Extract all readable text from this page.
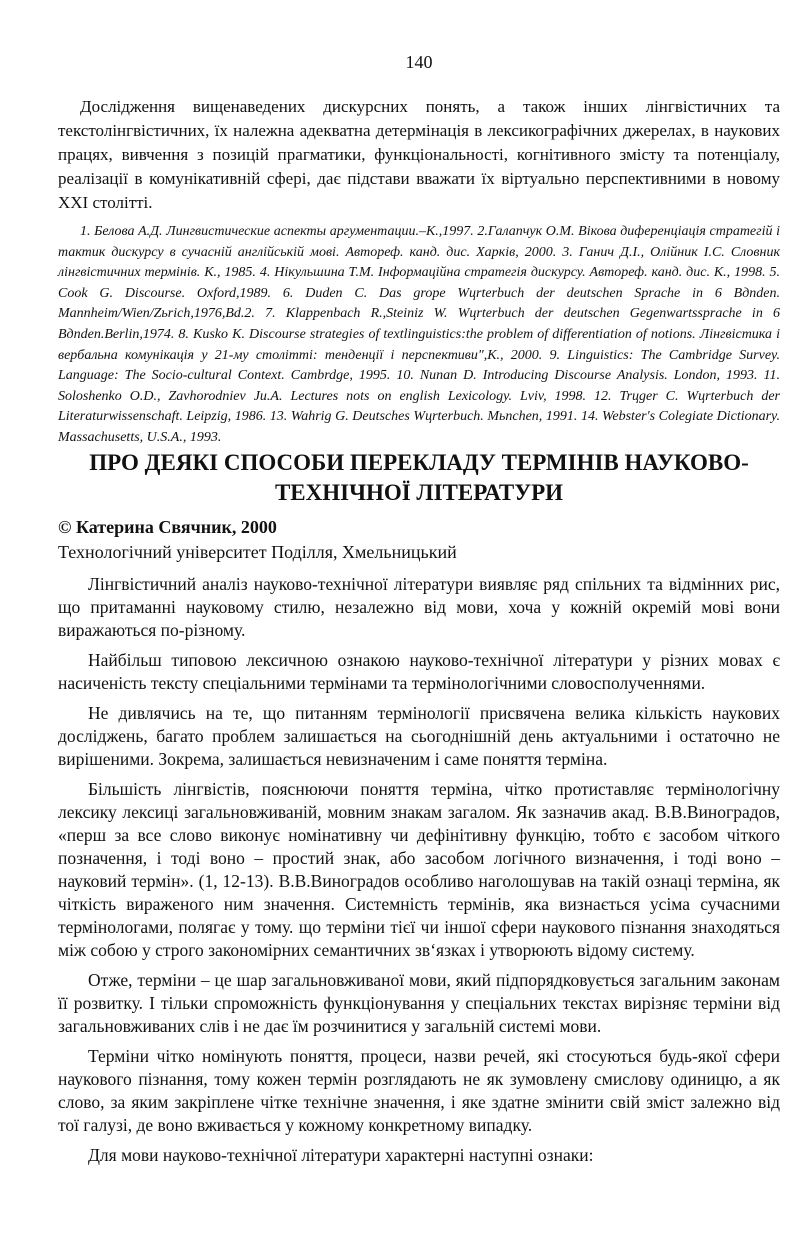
140

Дослідження вищенаведених дискурсних понять, а також інших лінгвістичних та текстолінгвістичних, їх належна адекватна детермінація в лексикографічних джерелах, в наукових працях, вивчення з позицій прагматики, функціональності, когнітивного змісту та потенціалу, реалізації в комунікативній сфері, дає підстави вважати їх віртуально перспективними в новому XXI столітті.

1. Белова А.Д. Лингвистические аспекты аргументации.–К.,1997. 2.Галапчук О.М. Вікова диференціація стратегій і тактик дискурсу в сучасній англійській мові. Автореф. канд. дис. Харків, 2000. 3. Ганич Д.І., Олійник І.С. Словник лінгвістичних термінів. К., 1985. 4. Нікульшина Т.М. Інформаційна стратегія дискурсу. Автореф. канд. дис. К., 1998. 5. Cook G. Discourse. Oxford,1989. 6. Duden C. Das grope Wцrterbuch der deutschen Sprache in 6 Bдnden. Mannheim/Wien/Zьrich,1976,Bd.2. 7. Klappenbach R.,Steiniz W. Wцrterbuch der deutschen Gegenwartssprache in 6 Bдnden.Berlin,1974. 8. Kusko K. Discourse strategies of textlinguistics:the problem of differentiation of notions. Лінгвістика і вербальна комунікація у 21-му столітті: тенденції і перспективи",К., 2000. 9. Linguistics: The Cambridge Survey. Language: The Socio-cultural Context. Cambrdge, 1995. 10. Nunan D. Introducing Discourse Analysis. London, 1993. 11. Soloshenko O.D., Zavhorodniev Ju.A. Lectures nots on english Lexicology. Lviv, 1998. 12. Trцger C. Wцrterbuch der Literaturwissenschaft. Leipzig, 1986. 13. Wahrig G. Deutsches Wцrterbuch. Mьnchen, 1991. 14. Webster's Colegiate Dictionary. Massachusetts, U.S.A., 1993.

ПРО ДЕЯКІ СПОСОБИ ПЕРЕКЛАДУ ТЕРМІНІВ НАУКОВО-ТЕХНІЧНОЇ ЛІТЕРАТУРИ

© Катерина Свячник, 2000

Технологічний університет Поділля, Хмельницький

Лінгвістичний аналіз науково-технічної літератури виявляє ряд спільних та відмінних рис, що притаманні науковому стилю, незалежно від мови, хоча у кожній окремій мові вони виражаються по-різному.

Найбільш типовою лексичною ознакою науково-технічної літератури у різних мовах є насиченість тексту спеціальними термінами та термінологічними словосполученнями.

Не дивлячись на те, що питанням термінології присвячена велика кількість наукових досліджень, багато проблем залишається на сьогоднішній день актуальними і остаточно не вирішеними. Зокрема, залишається невизначеним і саме поняття терміна.

Більшість лінгвістів, пояснюючи поняття терміна, чітко протиставляє термінологічну лексику лексиці загальновживаній, мовним знакам загалом. Як зазначив акад. В.В.Виноградов, «перш за все слово виконує номінативну чи дефінітивну функцію, тобто є засобом чіткого позначення, і тоді воно – простий знак, або засобом логічного визначення, і тоді воно – науковий термін». (1, 12-13). В.В.Виноградов особливо наголошував на такій ознаці терміна, як чіткість вираженого ним значення. Системність термінів, яка визнається усіма сучасними термінологами, полягає у тому. що терміни тієї чи іншої сфери наукового пізнання знаходяться між собою у строго закономірних семантичних зв‘язках і утворюють відому систему.

Отже, терміни – це шар загальновживаної мови, який підпорядковується загальним законам її розвитку. І тільки спроможність функціонування у спеціальних текстах вирізняє терміни від загальновживаних слів і не дає їм розчинитися у загальній системі мови.

Терміни чітко номінують поняття, процеси, назви речей, які стосуються будь-якої сфери наукового пізнання, тому кожен термін розглядають не як зумовлену смислову одиницю, а як слово, за яким закріплене чітке технічне значення, і яке здатне змінити свій зміст залежно від тої галузі, де воно вживається у кожному конкретному випадку.

Для мови науково-технічної літератури характерні наступні ознаки:
